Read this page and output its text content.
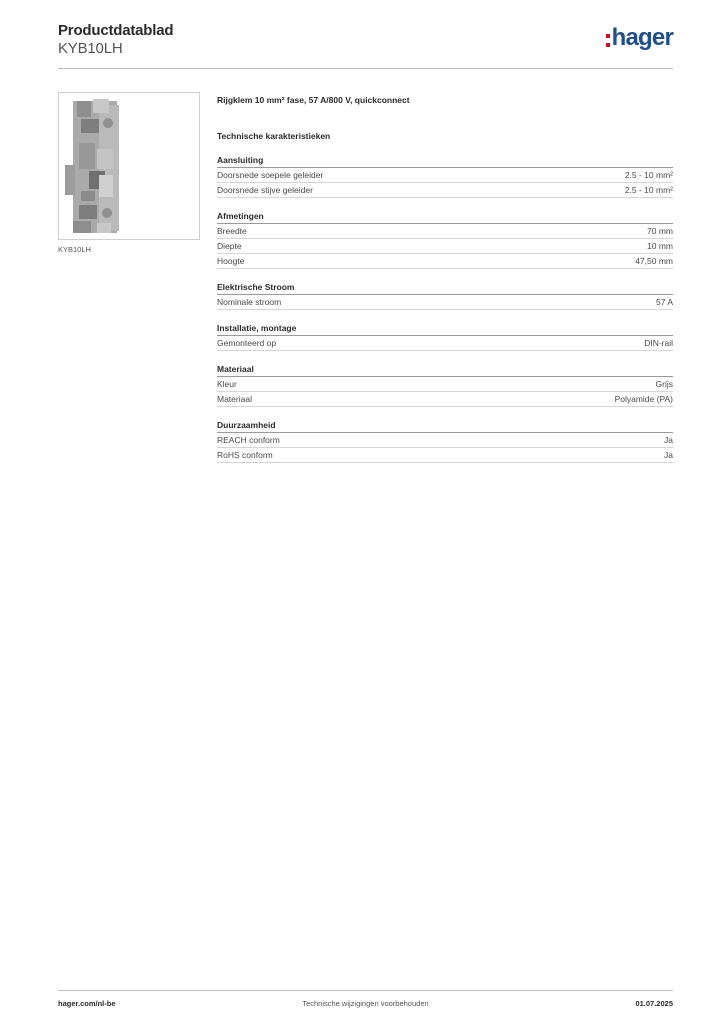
Productdatablad
KYB10LH	hager
KYB10LH
Rijgklem 10 mm² fase, 57 A/800 V, quickconnect
Technische karakteristieken
Aansluiting
Doorsnede soepele geleider	2.5 - 10 mm²
Doorsnede stijve geleider	2.5 - 10 mm²
Afmetingen
Breedte	70 mm
Diepte	10 mm
Hoogte	47,50 mm
Elektrische Stroom
Nominale stroom	57 A
Installatie, montage
Gemonteerd op	DIN-rail
Materiaal
Kleur	Grijs
Materiaal	Polyamide (PA)
Duurzaamheid
REACH conform	Ja
RoHS conform	Ja
hager.com/nl-be	Technische wijzigingen voorbehouden	01.07.2025
